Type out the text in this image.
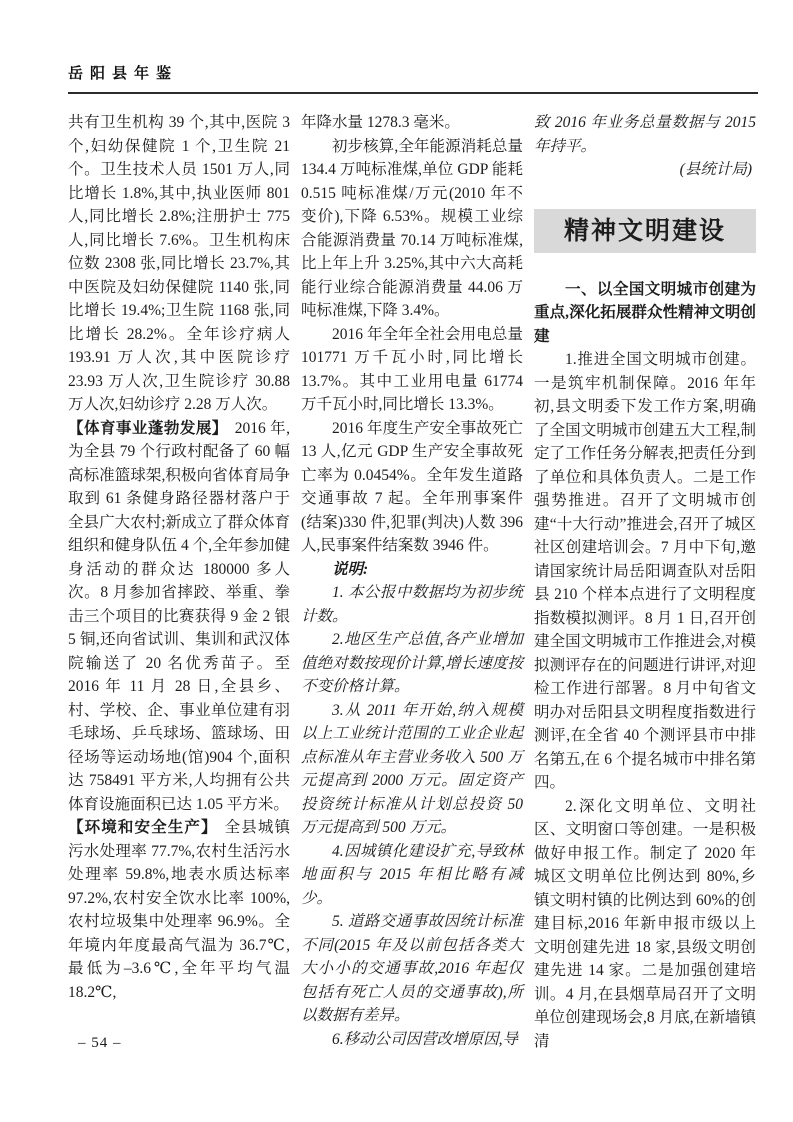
岳阳县年鉴

共有卫生机构 39 个,其中,医院 3 个,妇幼保健院 1 个,卫生院 21 个。卫生技术人员 1501 万人,同比增长 1.8%,其中,执业医师 801 人,同比增长 2.8%;注册护士 775 人,同比增长 7.6%。卫生机构床位数 2308 张,同比增长 23.7%,其中医院及妇幼保健院 1140 张,同比增长 19.4%;卫生院 1168 张,同比增长 28.2%。全年诊疗病人 193.91 万人次,其中医院诊疗 23.93 万人次,卫生院诊疗 30.88 万人次,妇幼诊疗 2.28 万人次。

【体育事业蓬勃发展】 2016 年,为全县 79 个行政村配备了 60 幅高标准篮球架,积极向省体育局争取到 61 条健身路径器材落户于全县广大农村;新成立了群众体育组织和健身队伍 4 个,全年参加健身活动的群众达 180000 多人次。8 月参加省摔跤、举重、拳击三个项目的比赛获得 9 金 2 银 5 铜,还向省试训、集训和武汉体院输送了 20 名优秀苗子。至 2016 年 11 月 28 日,全县乡、村、学校、企、事业单位建有羽毛球场、乒乓球场、篮球场、田径场等运动场地(馆)904 个,面积达 758491 平方米,人均拥有公共体育设施面积已达 1.05 平方米。

【环境和安全生产】 全县城镇污水处理率 77.7%,农村生活污水处理率 59.8%,地表水质达标率 97.2%,农村安全饮水比率 100%,农村垃圾集中处理率 96.9%。全年境内年度最高气温为 36.7℃,最低为–3.6℃,全年平均气温 18.2℃,

年降水量 1278.3 毫米。

初步核算,全年能源消耗总量 134.4 万吨标准煤,单位 GDP 能耗 0.515 吨标准煤/万元(2010 年不变价),下降 6.53%。规模工业综合能源消费量 70.14 万吨标准煤,比上年上升 3.25%,其中六大高耗能行业综合能源消费量 44.06 万吨标准煤,下降 3.4%。

2016 年全年全社会用电总量 101771 万千瓦小时,同比增长 13.7%。其中工业用电量 61774 万千瓦小时,同比增长 13.3%。

2016 年度生产安全事故死亡 13 人,亿元 GDP 生产安全事故死亡率为 0.0454%。全年发生道路交通事故 7 起。全年刑事案件(结案)330 件,犯罪(判决)人数 396 人,民事案件结案数 3946 件。

说明:

1. 本公报中数据均为初步统计数。

2.地区生产总值,各产业增加值绝对数按现价计算,增长速度按不变价格计算。

3.从 2011 年开始,纳入规模以上工业统计范围的工业企业起点标准从年主营业务收入 500 万元提高到 2000 万元。固定资产投资统计标准从计划总投资 50 万元提高到 500 万元。

4.因城镇化建设扩充,导致林地面积与 2015 年相比略有减少。

5. 道路交通事故因统计标准不同(2015 年及以前包括各类大大小小的交通事故,2016 年起仅包括有死亡人员的交通事故),所以数据有差异。

6.移动公司因营改增原因,导

致 2016 年业务总量数据与 2015 年持平。

(县统计局)

精神文明建设

一、以全国文明城市创建为重点,深化拓展群众性精神文明创建

1.推进全国文明城市创建。一是筑牢机制保障。2016 年年初,县文明委下发工作方案,明确了全国文明城市创建五大工程,制定了工作任务分解表,把责任分到了单位和具体负责人。二是工作强势推进。召开了文明城市创建“十大行动”推进会,召开了城区社区创建培训会。7 月中下旬,邀请国家统计局岳阳调查队对岳阳县 210 个样本点进行了文明程度指数模拟测评。8 月 1 日,召开创建全国文明城市工作推进会,对模拟测评存在的问题进行讲评,对迎检工作进行部署。8 月中旬省文明办对岳阳县文明程度指数进行测评,在全省 40 个测评县市中排名第五,在 6 个提名城市中排名第四。

2.深化文明单位、文明社区、文明窗口等创建。一是积极做好申报工作。制定了 2020 年城区文明单位比例达到 80%,乡镇文明村镇的比例达到 60%的创建目标,2016 年新申报市级以上文明创建先进 18 家,县级文明创建先进 14 家。二是加强创建培训。4 月,在县烟草局召开了文明单位创建现场会,8 月底,在新墙镇清

– 54 –
